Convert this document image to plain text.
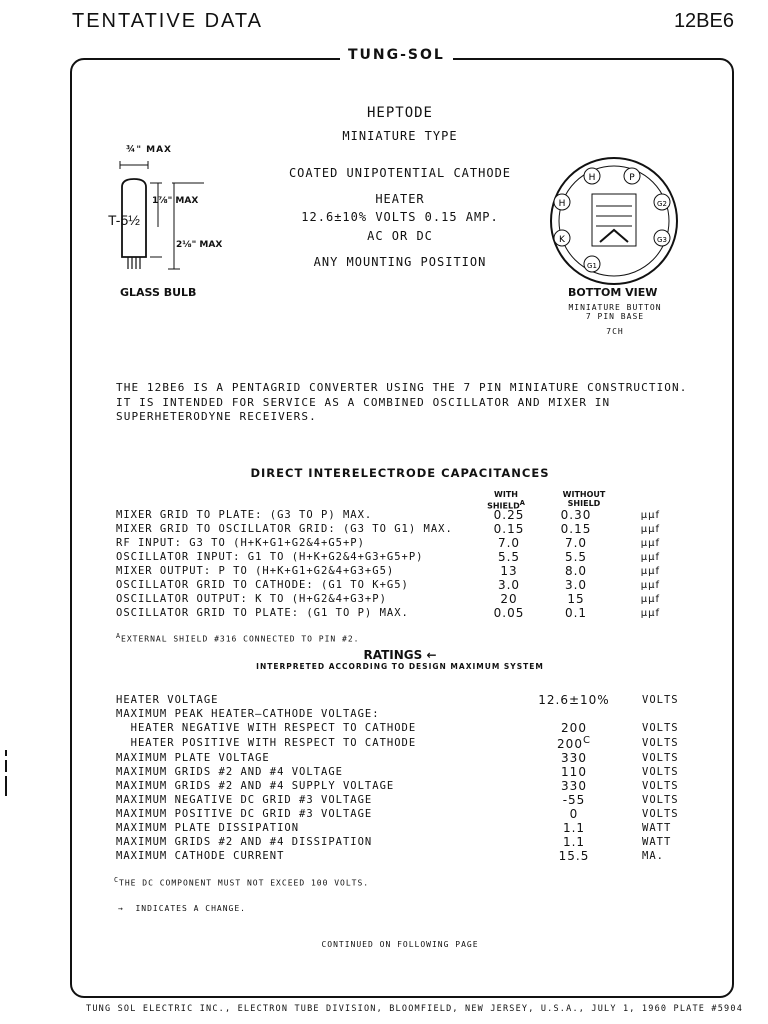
TENTATIVE DATA	12BE6
TUNG-SOL
HEPTODE
MINIATURE TYPE
COATED UNIPOTENTIAL CATHODE
HEATER
12.6±10% VOLTS 0.15 AMP.
AC OR DC
ANY MOUNTING POSITION
¾" MAX
T-5½
1⅞" MAX
2⅛" MAX
GLASS BULB
H	P
H	G2
K	G3
G1
BOTTOM VIEW
MINIATURE BUTTON
7 PIN BASE
7CH
THE 12BE6 IS A PENTAGRID CONVERTER USING THE 7 PIN MINIATURE CONSTRUCTION. IT IS INTENDED FOR SERVICE AS A COMBINED OSCILLATOR AND MIXER IN SUPERHETERODYNE RECEIVERS.
DIRECT INTERELECTRODE CAPACITANCES
WITH $SHIELD^A$
WITHOUT SHIELD
MIXER GRID TO PLATE: (G3 TO P) MAX.	0.25	0.30	µµf
MIXER GRID TO OSCILLATOR GRID: (G3 TO G1) MAX.	0.15	0.15	µµf
RF INPUT: G3 TO (H+K+G1+G2&4+G5+P)	7.0	7.0	µµf
OSCILLATOR INPUT: G1 TO (H+K+G2&4+G3+G5+P)	5.5	5.5	µµf
MIXER OUTPUT: P TO (H+K+G1+G2&4+G3+G5)	13	8.0	µµf
OSCILLATOR GRID TO CATHODE: (G1 TO K+G5)	3.0	3.0	µµf
OSCILLATOR OUTPUT: K TO (H+G2&4+G3+P)	20	15	µµf
OSCILLATOR GRID TO PLATE: (G1 TO P) MAX.	0.05	0.1	µµf
$^A$EXTERNAL SHIELD #316 CONNECTED TO PIN #2.
RATINGS ←
INTERPRETED ACCORDING TO DESIGN MAXIMUM SYSTEM
HEATER VOLTAGE	12.6±10%	VOLTS
MAXIMUM PEAK HEATER—CATHODE VOLTAGE:		
HEATER NEGATIVE WITH RESPECT TO CATHODE	200	VOLTS
HEATER POSITIVE WITH RESPECT TO CATHODE	$200^C$	VOLTS
MAXIMUM PLATE VOLTAGE	330	VOLTS
MAXIMUM GRIDS #2 AND #4 VOLTAGE	110	VOLTS
MAXIMUM GRIDS #2 AND #4 SUPPLY VOLTAGE	330	VOLTS
MAXIMUM NEGATIVE DC GRID #3 VOLTAGE	-55	VOLTS
MAXIMUM POSITIVE DC GRID #3 VOLTAGE	0	VOLTS
MAXIMUM PLATE DISSIPATION	1.1	WATT
MAXIMUM GRIDS #2 AND #4 DISSIPATION	1.1	WATT
MAXIMUM CATHODE CURRENT	15.5	MA.
$^C$THE DC COMPONENT MUST NOT EXCEED 100 VOLTS.
→ INDICATES A CHANGE.
CONTINUED ON FOLLOWING PAGE
TUNG SOL ELECTRIC INC., ELECTRON TUBE DIVISION, BLOOMFIELD, NEW JERSEY, U.S.A., JULY 1, 1960 PLATE #5904
